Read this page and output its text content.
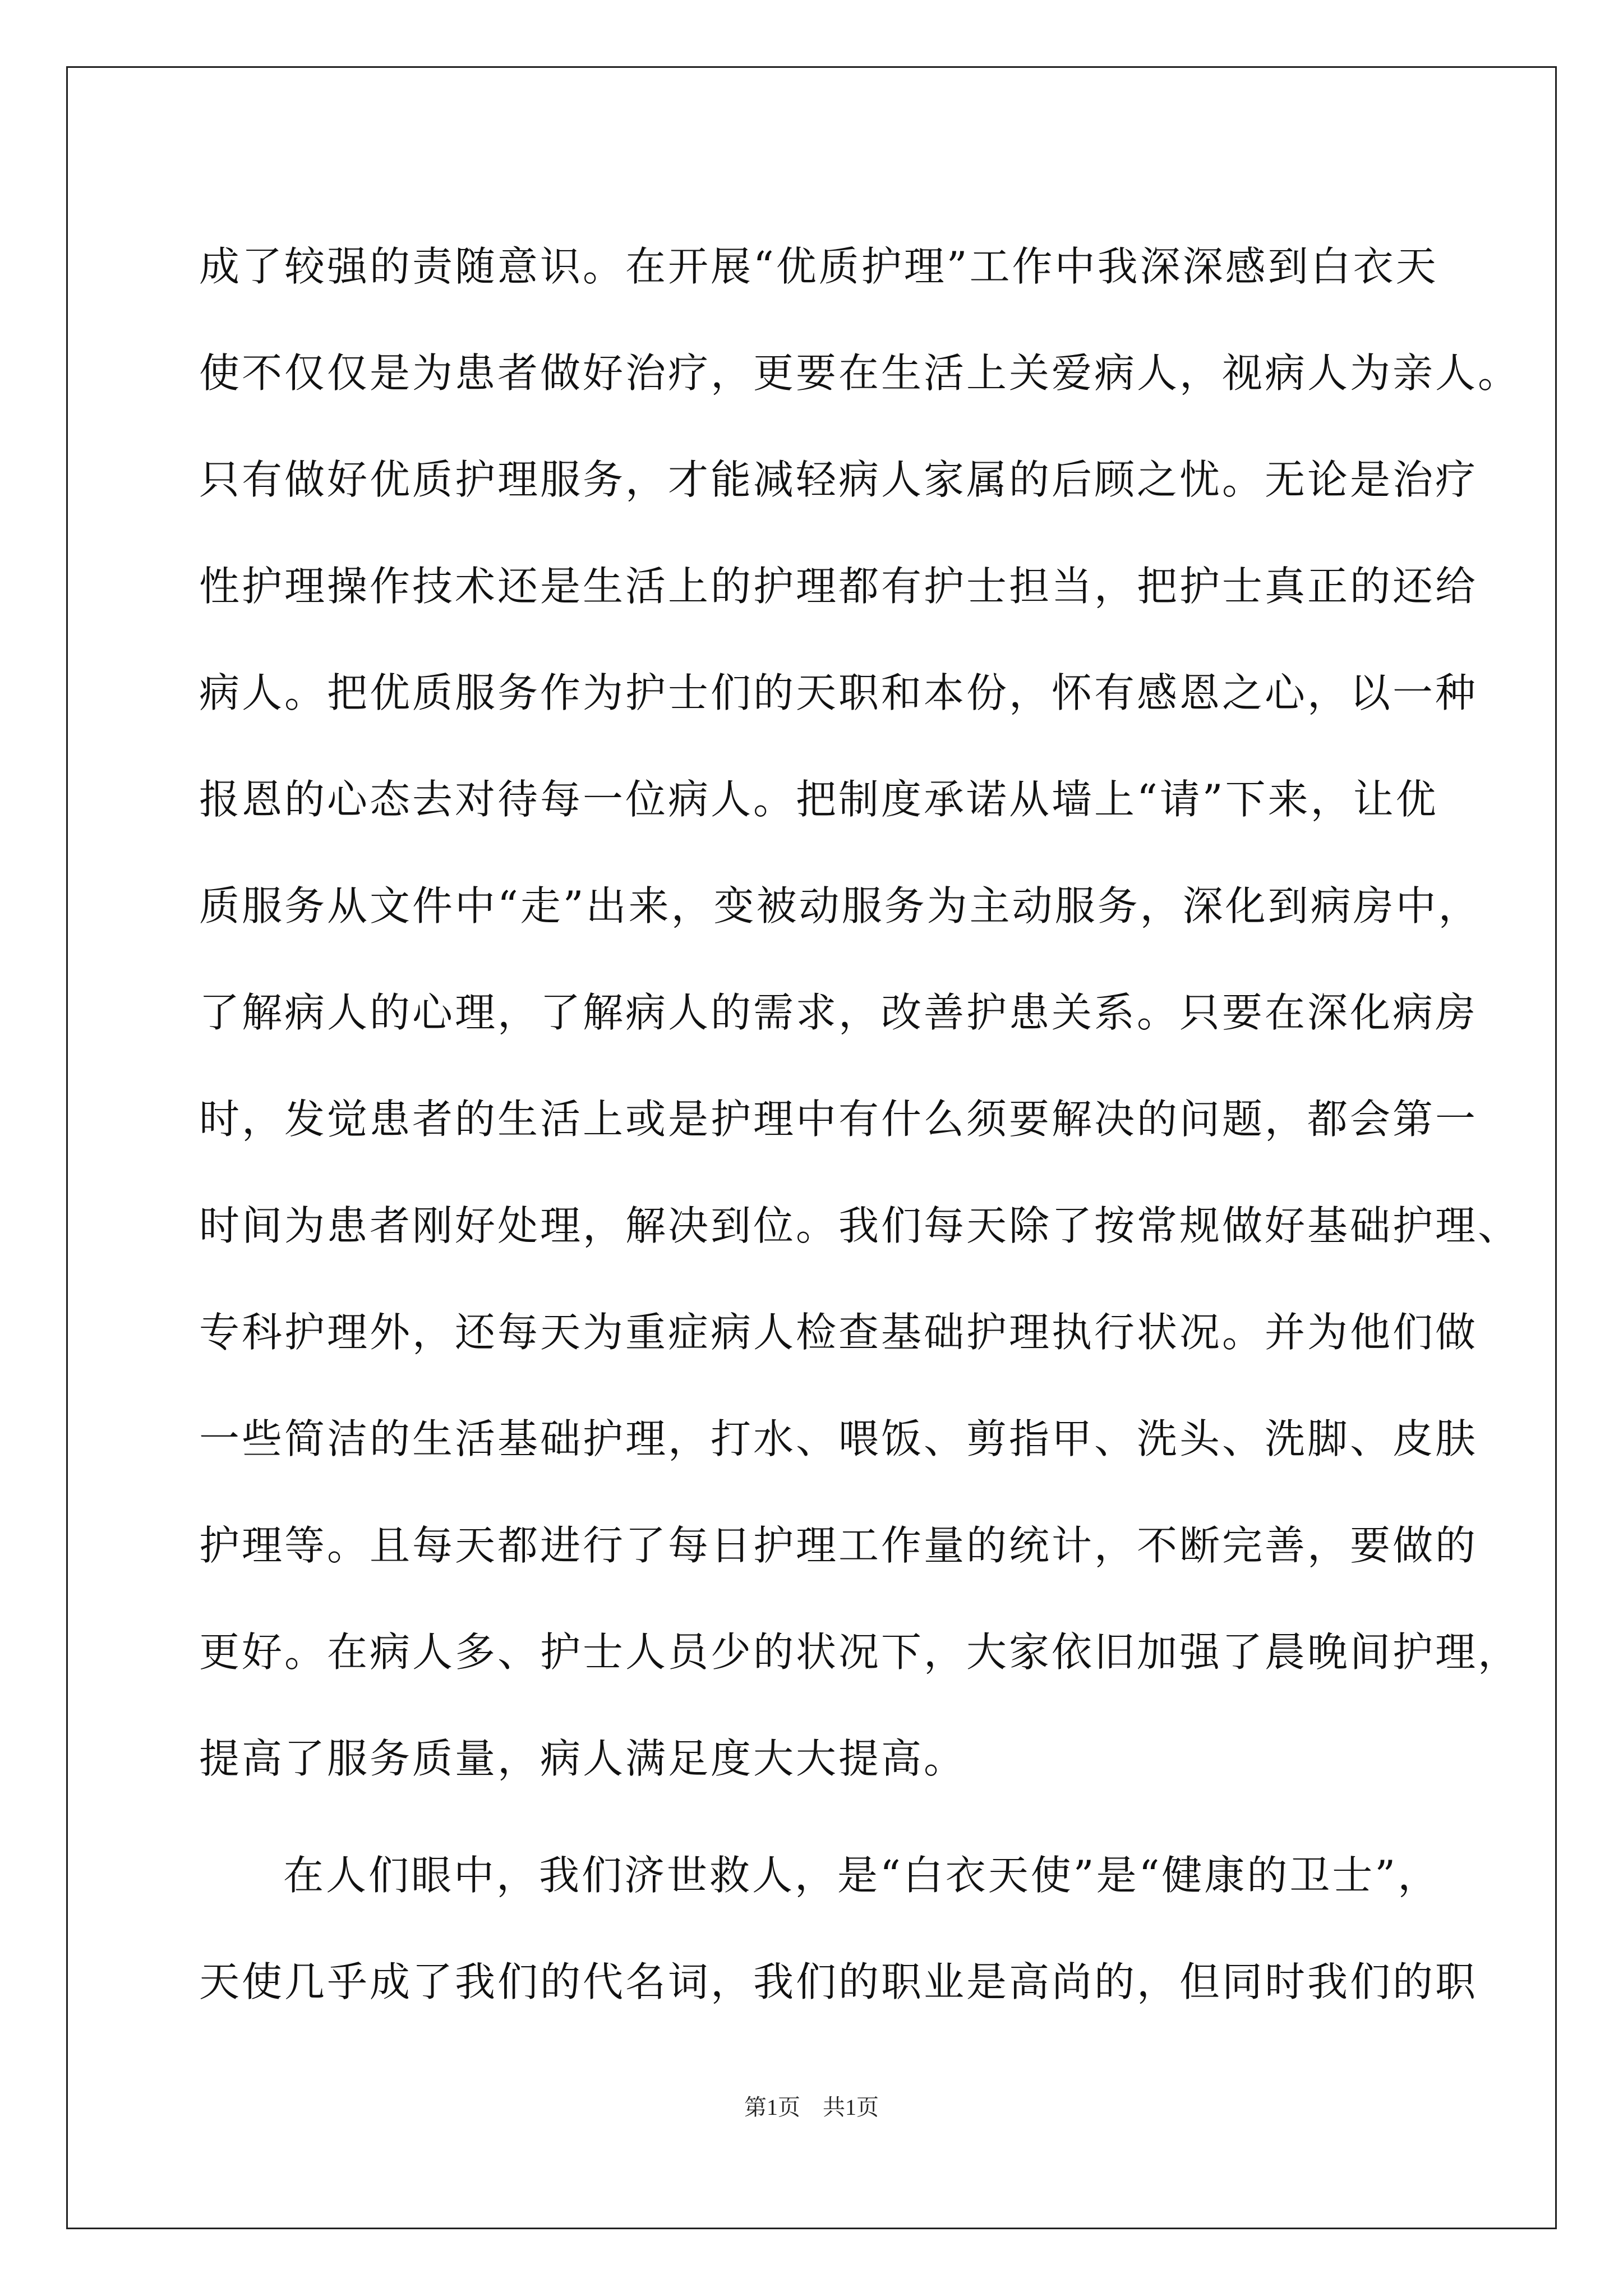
成了较强的责随意识。在开展“优质护理”工作中我深深感到白衣天
使不仅仅是为患者做好治疗，更要在生活上关爱病人，视病人为亲人。
只有做好优质护理服务，才能减轻病人家属的后顾之忧。无论是治疗
性护理操作技术还是生活上的护理都有护士担当，把护士真正的还给
病人。把优质服务作为护士们的天职和本份，怀有感恩之心，以一种
报恩的心态去对待每一位病人。把制度承诺从墙上“请”下来，让优
质服务从文件中“走”出来，变被动服务为主动服务，深化到病房中，
了解病人的心理，了解病人的需求，改善护患关系。只要在深化病房
时，发觉患者的生活上或是护理中有什么须要解决的问题，都会第一
时间为患者刚好处理，解决到位。我们每天除了按常规做好基础护理、
专科护理外，还每天为重症病人检查基础护理执行状况。并为他们做
一些简洁的生活基础护理，打水、喂饭、剪指甲、洗头、洗脚、皮肤
护理等。且每天都进行了每日护理工作量的统计，不断完善，要做的
更好。在病人多、护士人员少的状况下，大家依旧加强了晨晚间护理，
提高了服务质量，病人满足度大大提高。
在人们眼中，我们济世救人，是“白衣天使”是“健康的卫士”，
天使几乎成了我们的代名词，我们的职业是高尚的，但同时我们的职
第1页 共1页
